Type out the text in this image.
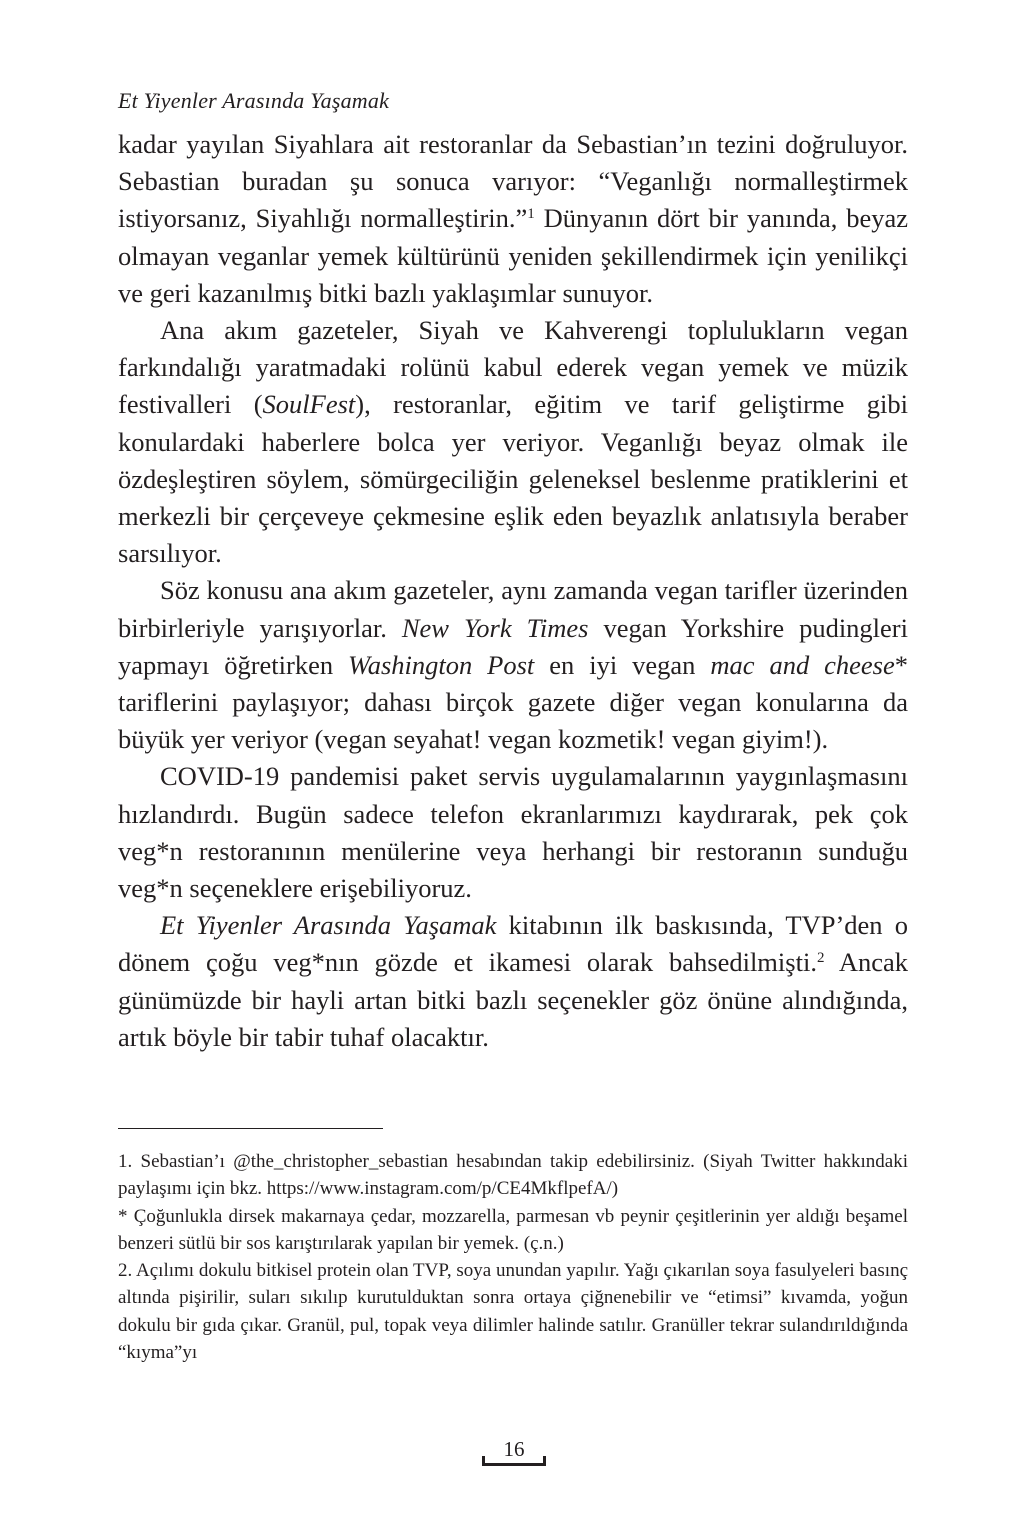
Et Yiyenler Arasında Yaşamak

kadar yayılan Siyahlara ait restoranlar da Sebastian’ın tezini doğruluyor. Sebastian buradan şu sonuca varıyor: “Veganlığı normalleştirmek istiyorsanız, Siyahlığı normalleştirin.”$^1$ Dünyanın dört bir yanında, beyaz olmayan veganlar yemek kültürünü yeniden şekillendirmek için yenilikçi ve geri kazanılmış bitki bazlı yaklaşımlar sunuyor.

Ana akım gazeteler, Siyah ve Kahverengi toplulukların vegan farkındalığı yaratmadaki rolünü kabul ederek vegan yemek ve müzik festivalleri (SoulFest), restoranlar, eğitim ve tarif geliştirme gibi konulardaki haberlere bolca yer veriyor. Veganlığı beyaz olmak ile özdeşleştiren söylem, sömürgeciliğin geleneksel beslenme pratiklerini et merkezli bir çerçeveye çekmesine eşlik eden beyazlık anlatısıyla beraber sarsılıyor.

Söz konusu ana akım gazeteler, aynı zamanda vegan tarifler üzerinden birbirleriyle yarışıyorlar. New York Times vegan Yorkshire pudingleri yapmayı öğretirken Washington Post en iyi vegan mac and cheese* tariflerini paylaşıyor; dahası birçok gazete diğer vegan konularına da büyük yer veriyor (vegan seyahat! vegan kozmetik! vegan giyim!).

COVID-19 pandemisi paket servis uygulamalarının yaygınlaşmasını hızlandırdı. Bugün sadece telefon ekranlarımızı kaydırarak, pek çok veg*n restoranının menülerine veya herhangi bir restoranın sunduğu veg*n seçeneklere erişebiliyoruz.

Et Yiyenler Arasında Yaşamak kitabının ilk baskısında, TVP’den o dönem çoğu veg*nın gözde et ikamesi olarak bahsedilmişti.$^2$ Ancak günümüzde bir hayli artan bitki bazlı seçenekler göz önüne alındığında, artık böyle bir tabir tuhaf olacaktır.

1. Sebastian’ı @the_christopher_sebastian hesabından takip edebilirsiniz. (Siyah Twitter hakkındaki paylaşımı için bkz. https://www.instagram.com/p/CE4MkflpefA/)

* Çoğunlukla dirsek makarnaya çedar, mozzarella, parmesan vb peynir çeşitlerinin yer aldığı beşamel benzeri sütlü bir sos karıştırılarak yapılan bir yemek. (ç.n.)

2. Açılımı dokulu bitkisel protein olan TVP, soya unundan yapılır. Yağı çıkarılan soya fasulyeleri basınç altında pişirilir, suları sıkılıp kurutulduktan sonra ortaya çiğnenebilir ve “etimsi” kıvamda, yoğun dokulu bir gıda çıkar. Granül, pul, topak veya dilimler halinde satılır. Granüller tekrar sulandırıldığında “kıyma”yı

16
